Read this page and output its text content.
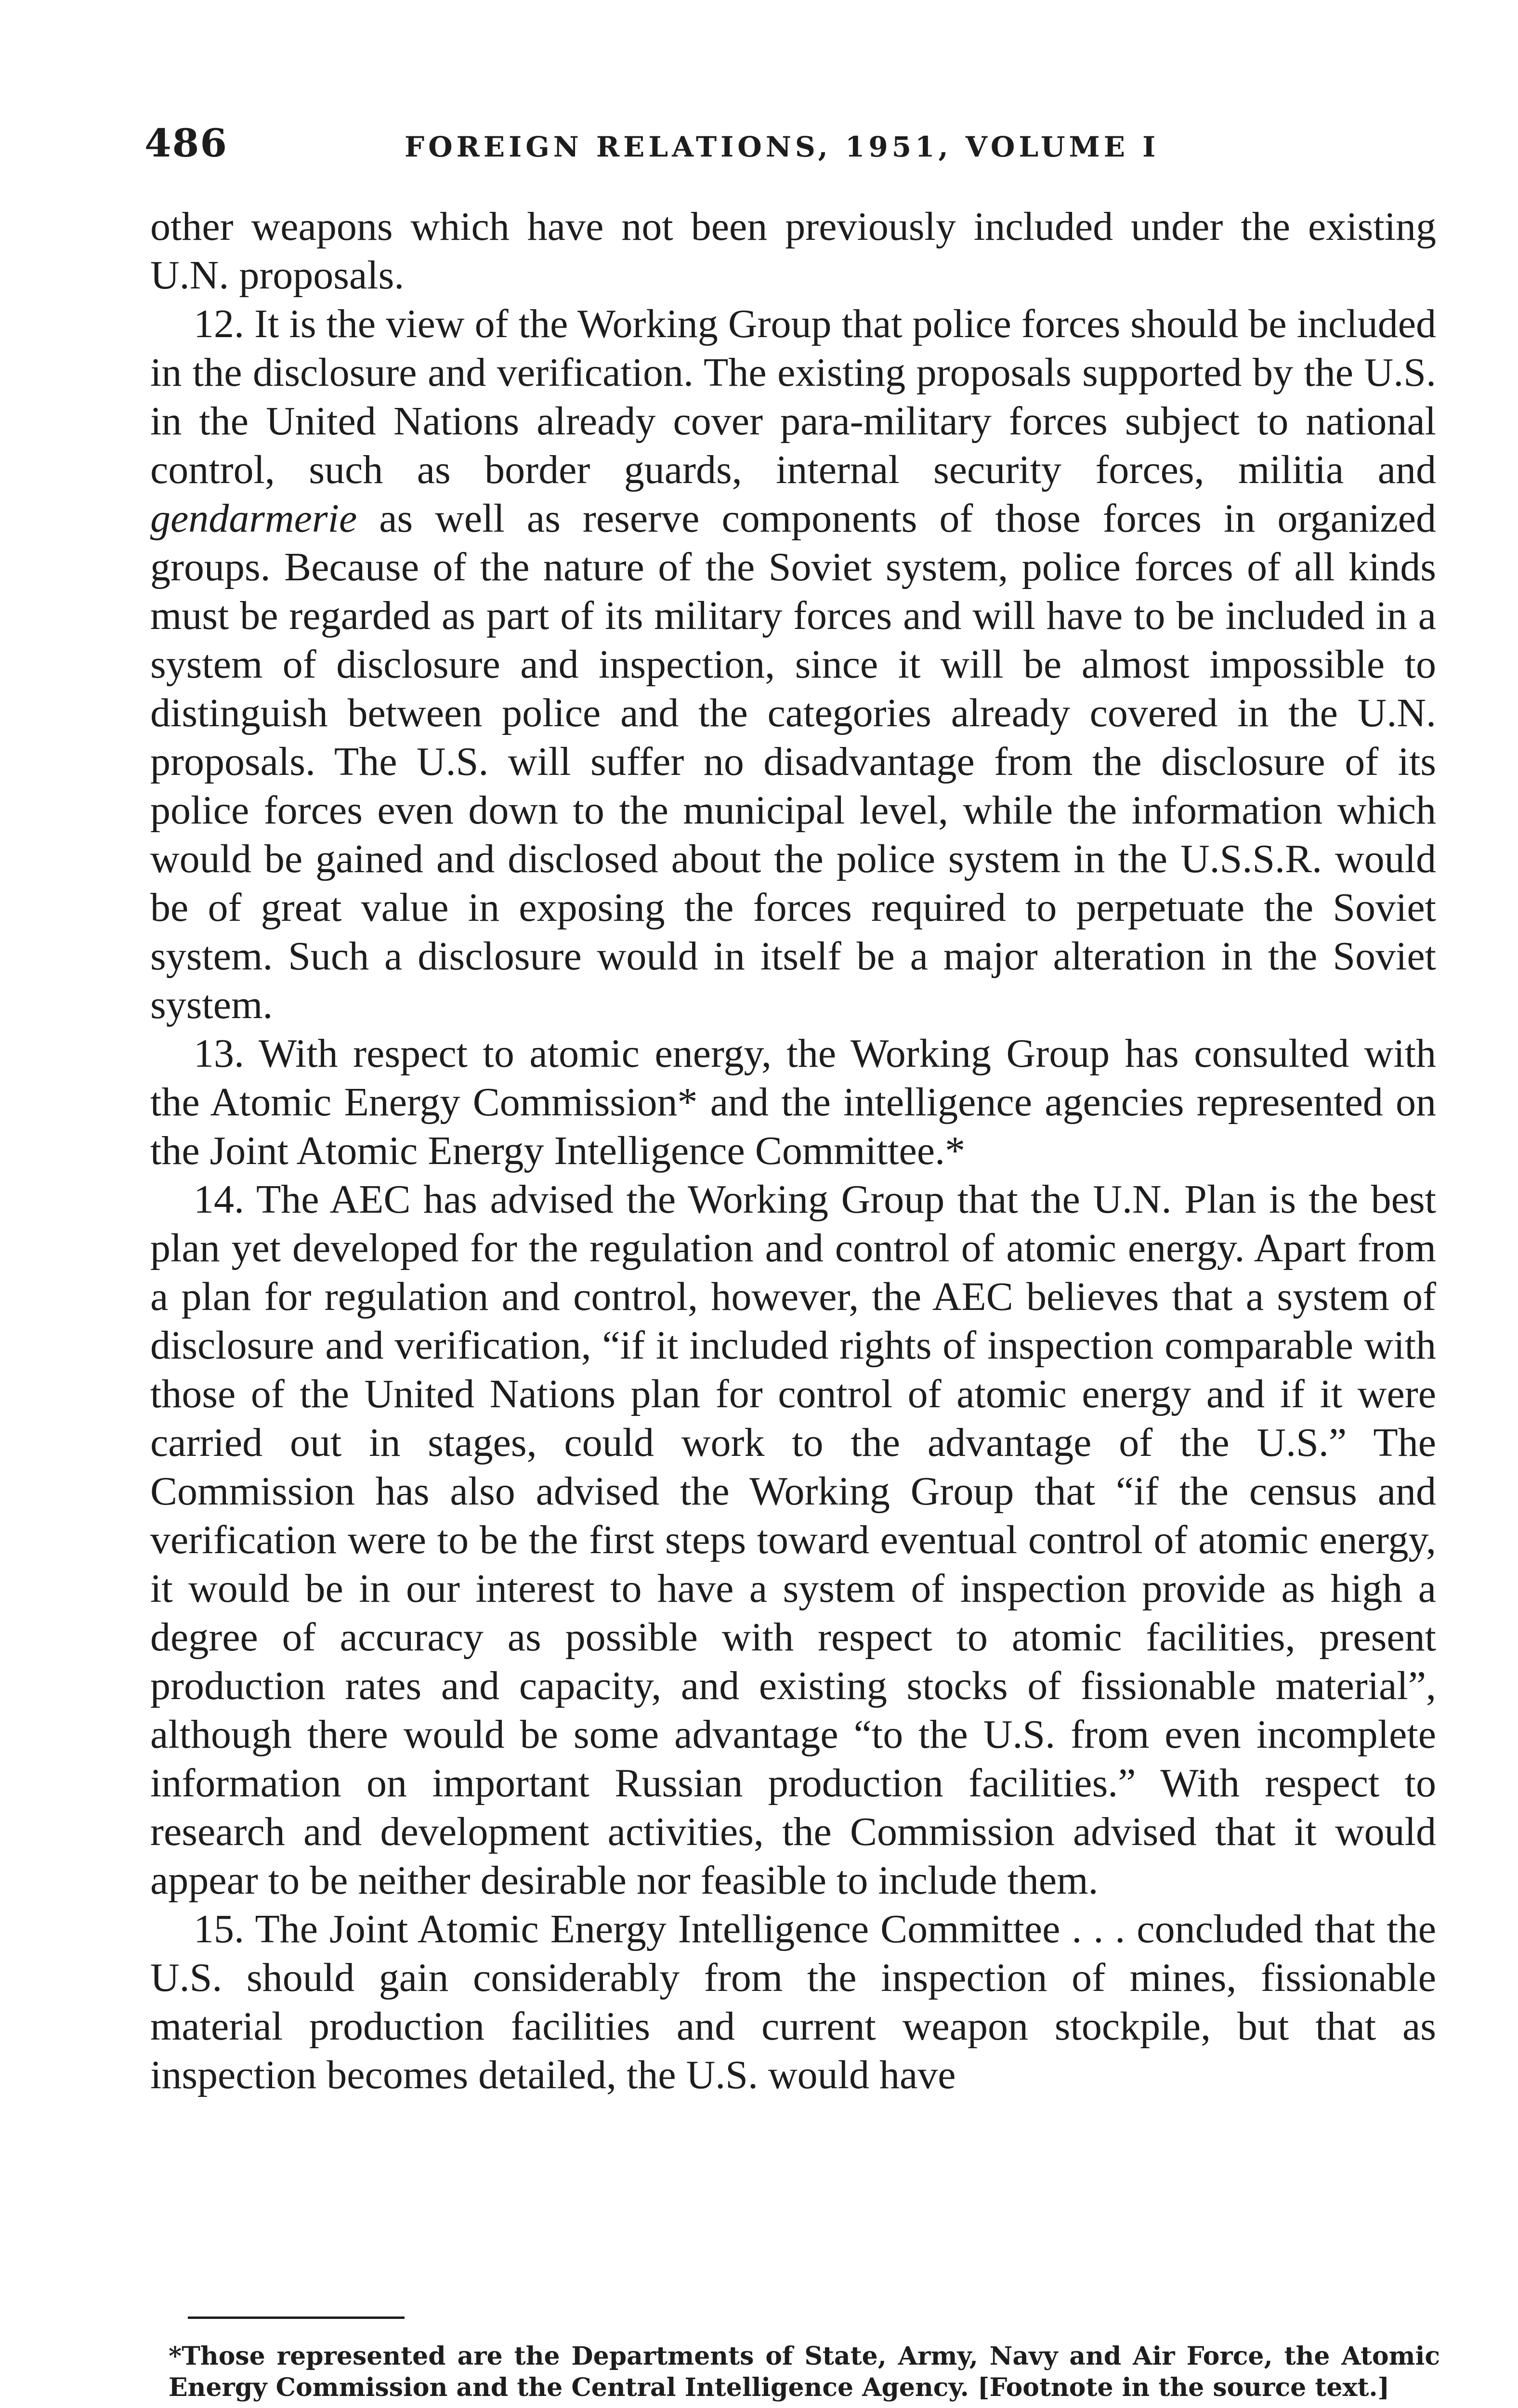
486	FOREIGN RELATIONS, 1951, VOLUME I

other weapons which have not been previously included under the existing U.N. proposals.

12. It is the view of the Working Group that police forces should be included in the disclosure and verification. The existing proposals supported by the U.S. in the United Nations already cover para-military forces subject to national control, such as border guards, internal security forces, militia and gendarmerie as well as reserve components of those forces in organized groups. Because of the nature of the Soviet system, police forces of all kinds must be regarded as part of its military forces and will have to be included in a system of disclosure and inspection, since it will be almost impossible to distinguish between police and the categories already covered in the U.N. proposals. The U.S. will suffer no disadvantage from the disclosure of its police forces even down to the municipal level, while the information which would be gained and disclosed about the police system in the U.S.S.R. would be of great value in exposing the forces required to perpetuate the Soviet system. Such a disclosure would in itself be a major alteration in the Soviet system.

13. With respect to atomic energy, the Working Group has consulted with the Atomic Energy Commission* and the intelligence agencies represented on the Joint Atomic Energy Intelligence Committee.*

14. The AEC has advised the Working Group that the U.N. Plan is the best plan yet developed for the regulation and control of atomic energy. Apart from a plan for regulation and control, however, the AEC believes that a system of disclosure and verification, “if it included rights of inspection comparable with those of the United Nations plan for control of atomic energy and if it were carried out in stages, could work to the advantage of the U.S.” The Commission has also advised the Working Group that “if the census and verification were to be the first steps toward eventual control of atomic energy, it would be in our interest to have a system of inspection provide as high a degree of accuracy as possible with respect to atomic facilities, present production rates and capacity, and existing stocks of fissionable material”, although there would be some advantage “to the U.S. from even incomplete information on important Russian production facilities.” With respect to research and development activities, the Commission advised that it would appear to be neither desirable nor feasible to include them.

15. The Joint Atomic Energy Intelligence Committee . . . concluded that the U.S. should gain considerably from the inspection of mines, fissionable material production facilities and current weapon stockpile, but that as inspection becomes detailed, the U.S. would have

*Those represented are the Departments of State, Army, Navy and Air Force, the Atomic Energy Commission and the Central Intelligence Agency. [Footnote in the source text.]
